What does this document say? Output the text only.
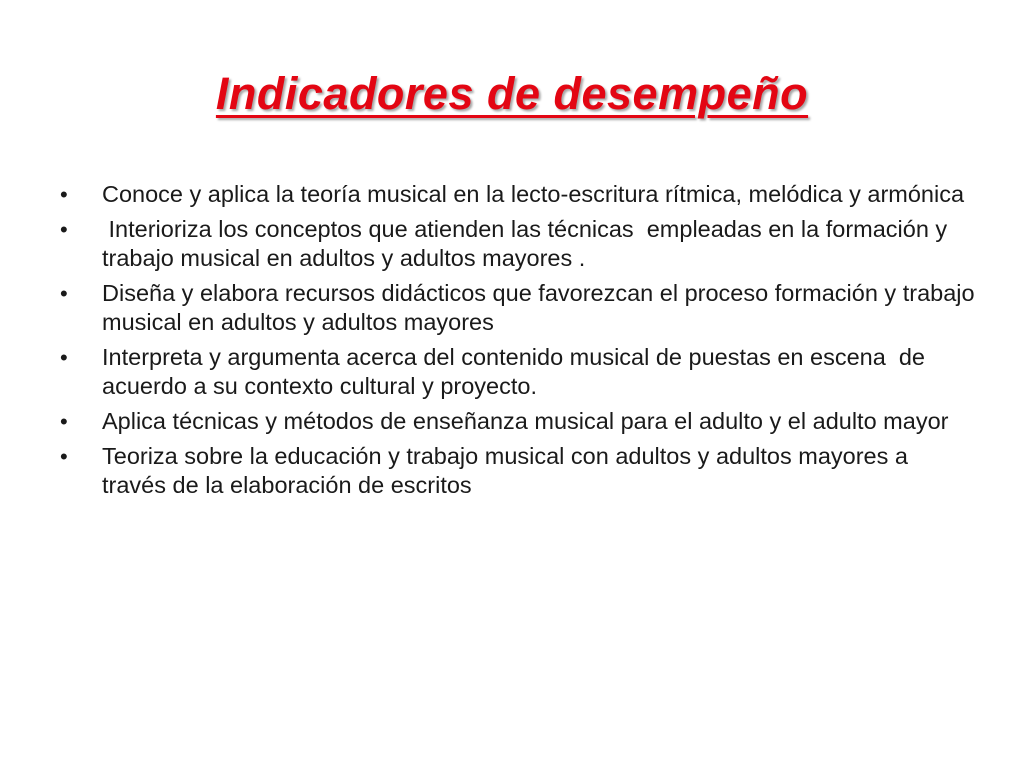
Indicadores de desempeño
• Conoce y aplica la teoría musical en la lecto-escritura rítmica, melódica y armónica
• Interioriza los conceptos que atienden las técnicas  empleadas en la formación y trabajo musical en adultos y adultos mayores .
• Diseña y elabora recursos didácticos que favorezcan el proceso formación y trabajo musical en adultos y adultos mayores
• Interpreta y argumenta acerca del contenido musical de puestas en escena  de acuerdo a su contexto cultural y proyecto.
• Aplica técnicas y métodos de enseñanza musical para el adulto y el adulto mayor
• Teoriza sobre la educación y trabajo musical con adultos y adultos mayores a través de la elaboración de escritos
